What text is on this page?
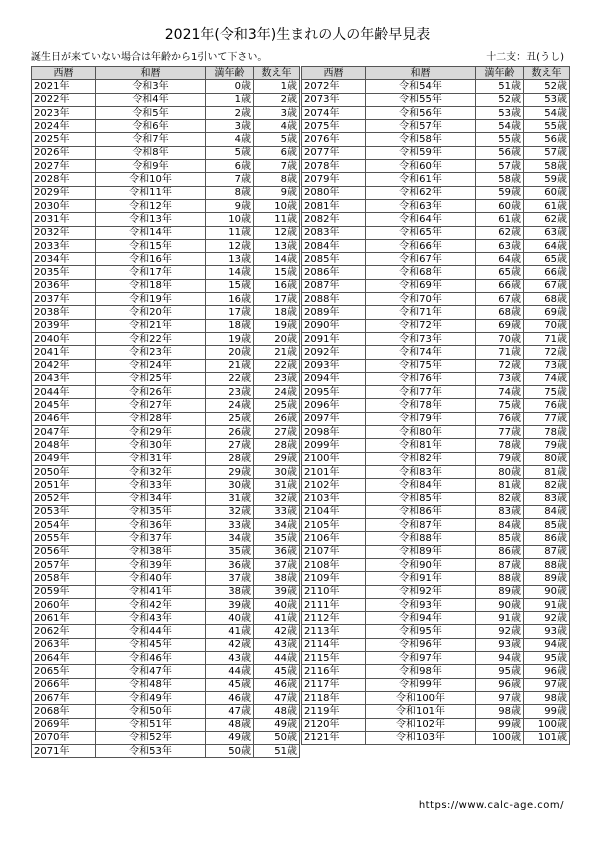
2021年(令和3年)生まれの人の年齢早見表
誕生日が来ていない場合は年齢から1引いて下さい。	十二支：丑(うし)
西暦	和暦	満年齢	数え年
2021年	令和3年	0歳	1歳
2022年	令和4年	1歳	2歳
2023年	令和5年	2歳	3歳
2024年	令和6年	3歳	4歳
2025年	令和7年	4歳	5歳
2026年	令和8年	5歳	6歳
2027年	令和9年	6歳	7歳
2028年	令和10年	7歳	8歳
2029年	令和11年	8歳	9歳
2030年	令和12年	9歳	10歳
2031年	令和13年	10歳	11歳
2032年	令和14年	11歳	12歳
2033年	令和15年	12歳	13歳
2034年	令和16年	13歳	14歳
2035年	令和17年	14歳	15歳
2036年	令和18年	15歳	16歳
2037年	令和19年	16歳	17歳
2038年	令和20年	17歳	18歳
2039年	令和21年	18歳	19歳
2040年	令和22年	19歳	20歳
2041年	令和23年	20歳	21歳
2042年	令和24年	21歳	22歳
2043年	令和25年	22歳	23歳
2044年	令和26年	23歳	24歳
2045年	令和27年	24歳	25歳
2046年	令和28年	25歳	26歳
2047年	令和29年	26歳	27歳
2048年	令和30年	27歳	28歳
2049年	令和31年	28歳	29歳
2050年	令和32年	29歳	30歳
2051年	令和33年	30歳	31歳
2052年	令和34年	31歳	32歳
2053年	令和35年	32歳	33歳
2054年	令和36年	33歳	34歳
2055年	令和37年	34歳	35歳
2056年	令和38年	35歳	36歳
2057年	令和39年	36歳	37歳
2058年	令和40年	37歳	38歳
2059年	令和41年	38歳	39歳
2060年	令和42年	39歳	40歳
2061年	令和43年	40歳	41歳
2062年	令和44年	41歳	42歳
2063年	令和45年	42歳	43歳
2064年	令和46年	43歳	44歳
2065年	令和47年	44歳	45歳
2066年	令和48年	45歳	46歳
2067年	令和49年	46歳	47歳
2068年	令和50年	47歳	48歳
2069年	令和51年	48歳	49歳
2070年	令和52年	49歳	50歳
2071年	令和53年	50歳	51歳
西暦	和暦	満年齢	数え年
2072年	令和54年	51歳	52歳
2073年	令和55年	52歳	53歳
2074年	令和56年	53歳	54歳
2075年	令和57年	54歳	55歳
2076年	令和58年	55歳	56歳
2077年	令和59年	56歳	57歳
2078年	令和60年	57歳	58歳
2079年	令和61年	58歳	59歳
2080年	令和62年	59歳	60歳
2081年	令和63年	60歳	61歳
2082年	令和64年	61歳	62歳
2083年	令和65年	62歳	63歳
2084年	令和66年	63歳	64歳
2085年	令和67年	64歳	65歳
2086年	令和68年	65歳	66歳
2087年	令和69年	66歳	67歳
2088年	令和70年	67歳	68歳
2089年	令和71年	68歳	69歳
2090年	令和72年	69歳	70歳
2091年	令和73年	70歳	71歳
2092年	令和74年	71歳	72歳
2093年	令和75年	72歳	73歳
2094年	令和76年	73歳	74歳
2095年	令和77年	74歳	75歳
2096年	令和78年	75歳	76歳
2097年	令和79年	76歳	77歳
2098年	令和80年	77歳	78歳
2099年	令和81年	78歳	79歳
2100年	令和82年	79歳	80歳
2101年	令和83年	80歳	81歳
2102年	令和84年	81歳	82歳
2103年	令和85年	82歳	83歳
2104年	令和86年	83歳	84歳
2105年	令和87年	84歳	85歳
2106年	令和88年	85歳	86歳
2107年	令和89年	86歳	87歳
2108年	令和90年	87歳	88歳
2109年	令和91年	88歳	89歳
2110年	令和92年	89歳	90歳
2111年	令和93年	90歳	91歳
2112年	令和94年	91歳	92歳
2113年	令和95年	92歳	93歳
2114年	令和96年	93歳	94歳
2115年	令和97年	94歳	95歳
2116年	令和98年	95歳	96歳
2117年	令和99年	96歳	97歳
2118年	令和100年	97歳	98歳
2119年	令和101年	98歳	99歳
2120年	令和102年	99歳	100歳
2121年	令和103年	100歳	101歳
https://www.calc-age.com/
